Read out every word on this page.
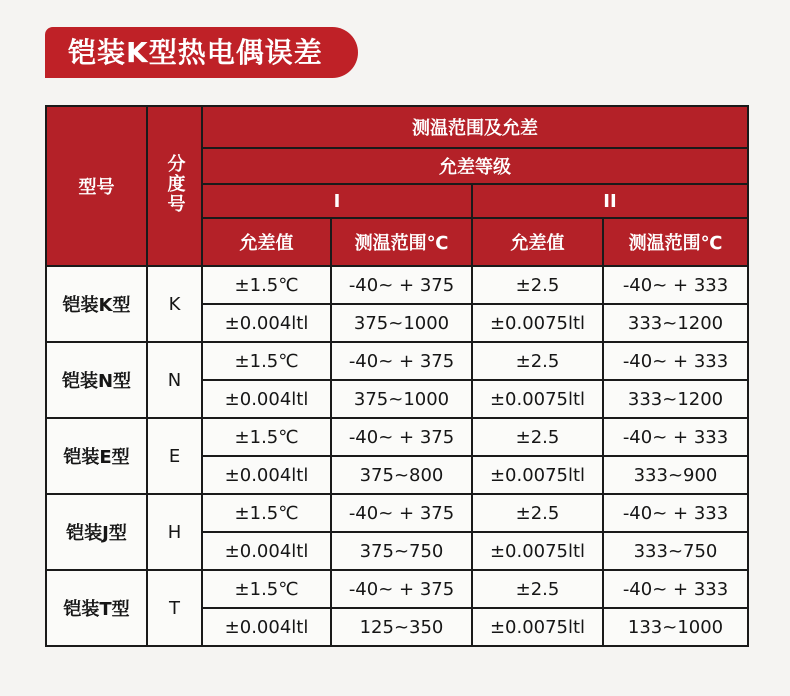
铠装K型热电偶误差
型号	分度号	测温范围及允差			
		允差等级			
		I		II	
		允差值	测温范围℃	允差值	测温范围℃
铠装K型	K	±1.5℃	-40~ + 375	±2.5	-40~ + 333
		±0.004ltl	375~1000	±0.0075ltl	333~1200
铠装N型	N	±1.5℃	-40~ + 375	±2.5	-40~ + 333
		±0.004ltl	375~1000	±0.0075ltl	333~1200
铠装E型	E	±1.5℃	-40~ + 375	±2.5	-40~ + 333
		±0.004ltl	375~800	±0.0075ltl	333~900
铠装J型	H	±1.5℃	-40~ + 375	±2.5	-40~ + 333
		±0.004ltl	375~750	±0.0075ltl	333~750
铠装T型	T	±1.5℃	-40~ + 375	±2.5	-40~ + 333
		±0.004ltl	125~350	±0.0075ltl	133~1000
